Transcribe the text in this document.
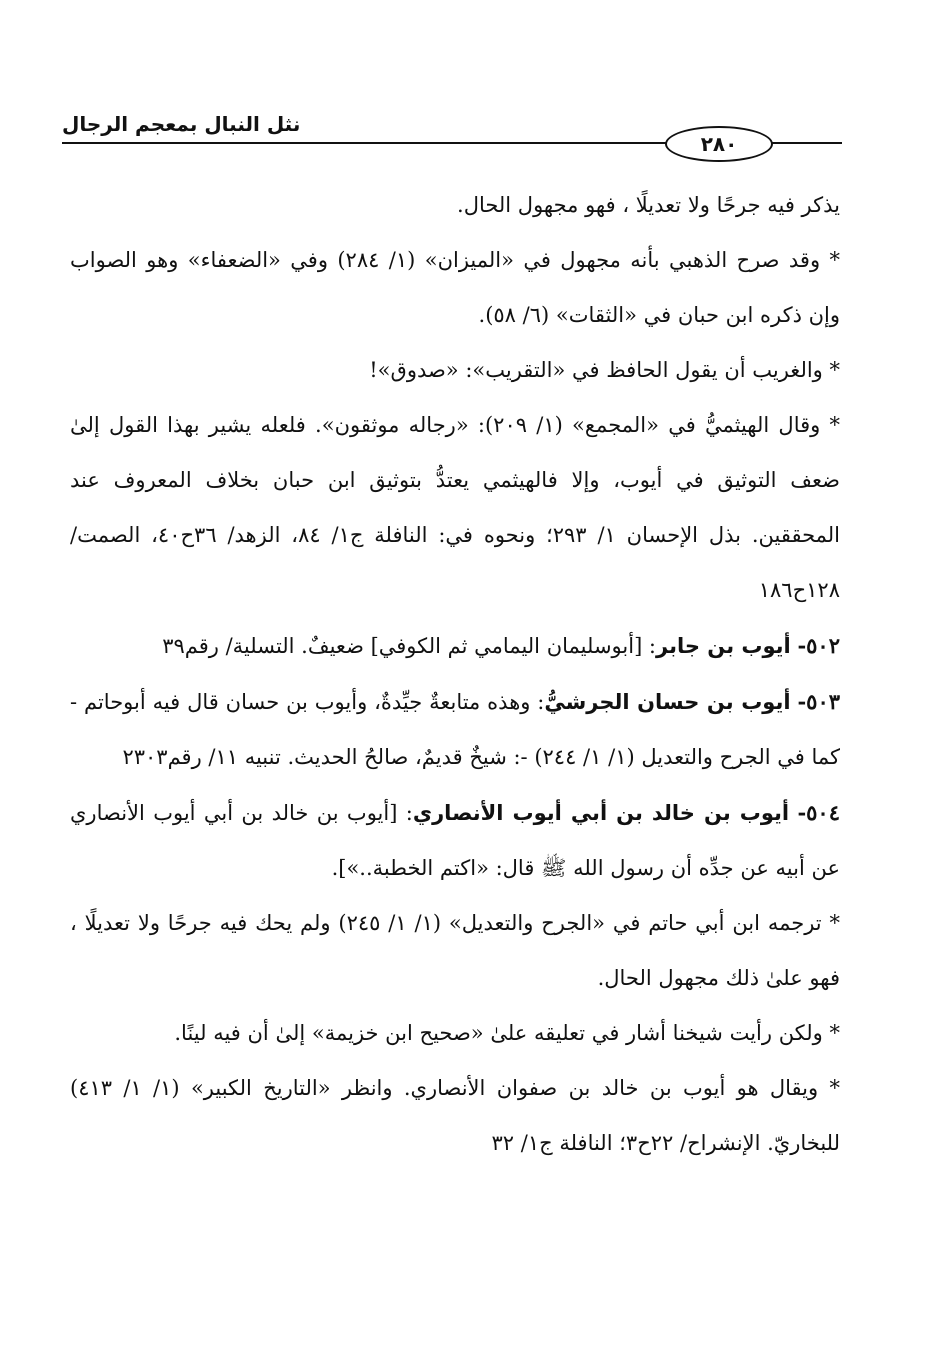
نثل النبال بمعجم الرجال
٢٨٠

يذكر فيه جرحًا ولا تعديلًا ، فهو مجهول الحال.

* وقد صرح الذهبي بأنه مجهول في «الميزان» (١/ ٢٨٤) وفي «الضعفاء» وهو الصواب وإن ذكره ابن حبان في «الثقات» (٦/ ٥٨).

* والغريب أن يقول الحافظ في «التقريب»: «صدوق»!

* وقال الهيثميُّ في «المجمع» (١/ ٢٠٩): «رجاله موثقون». فلعله يشير بهذا القول إلىٰ ضعف التوثيق في أيوب، وإلا فالهيثمي يعتدُّ بتوثيق ابن حبان بخلاف المعروف عند المحققين. بذل الإحسان ١/ ٢٩٣؛ ونحوه في: النافلة ج١/ ٨٤، الزهد/ ٣٦ح٤٠، الصمت/ ١٢٨ح١٨٦

٥٠٢- أيوب بن جابر: [أبوسليمان اليمامي ثم الكوفي] ضعيفٌ. التسلية/ رقم٣٩

٥٠٣- أيوب بن حسان الجرشيُّ: وهذه متابعةٌ جيِّدةٌ، وأيوب بن حسان قال فيه أبوحاتم - كما في الجرح والتعديل (١/ ١/ ٢٤٤) -: شيخٌ قديمٌ، صالحُ الحديث. تنبيه ١١/ رقم٢٣٠٣

٥٠٤- أيوب بن خالد بن أبي أيوب الأنصاري: [أيوب بن خالد بن أبي أيوب الأنصاري عن أبيه عن جدِّه أن رسول الله ﷺ قال: «اكتم الخطبة..»].

* ترجمه ابن أبي حاتم في «الجرح والتعديل» (١/ ١/ ٢٤٥) ولم يحك فيه جرحًا ولا تعديلًا ، فهو علىٰ ذلك مجهول الحال.

* ولكن رأيت شيخنا أشار في تعليقه علىٰ «صحيح ابن خزيمة» إلىٰ أن فيه لينًا.

* ويقال هو أيوب بن خالد بن صفوان الأنصاري. وانظر «التاريخ الكبير» (١/ ١/ ٤١٣) للبخاريّ. الإنشراح/ ٢٢ح٣؛ النافلة ج١/ ٣٢
